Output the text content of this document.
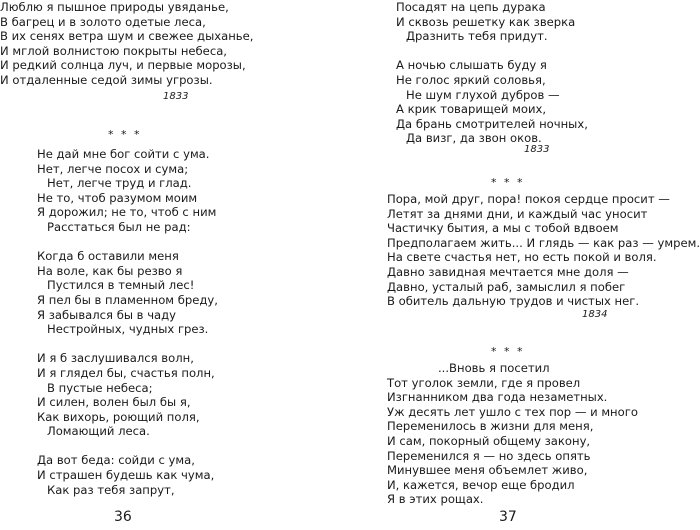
Люблю я пышное природы увяданье,
В багрец и в золото одетые леса,
В их сенях ветра шум и свежее дыханье,
И мглой волнистою покрыты небеса,
И редкий солнца луч, и первые морозы,
И отдаленные седой зимы угрозы.
1833
* * *
Не дай мне бог сойти с ума.
Нет, легче посох и сума;
Нет, легче труд и глад.
Не то, чтоб разумом моим
Я дорожил; не то, чтоб с ним
Расстаться был не рад:
Когда б оставили меня
На воле, как бы резво я
Пустился в темный лес!
Я пел бы в пламенном бреду,
Я забывался бы в чаду
Нестройных, чудных грез.
И я б заслушивался волн,
И я глядел бы, счастья полн,
В пустые небеса;
И силен, волен был бы я,
Как вихорь, роющий поля,
Ломающий леса.
Да вот беда: сойди с ума,
И страшен будешь как чума,
Как раз тебя запрут,
36
Посадят на цепь дурака
И сквозь решетку как зверка
Дразнить тебя придут.
А ночью слышать буду я
Не голос яркий соловья,
Не шум глухой дубров —
А крик товарищей моих,
Да брань смотрителей ночных,
Да визг, да звон оков.
1833
* * *
Пора, мой друг, пора! покоя сердце просит —
Летят за днями дни, и каждый час уносит
Частичку бытия, а мы с тобой вдвоем
Предполагаем жить... И глядь — как раз — умрем.
На свете счастья нет, но есть покой и воля.
Давно завидная мечтается мне доля —
Давно, усталый раб, замыслил я побег
В обитель дальную трудов и чистых нег.
1834
* * *
...Вновь я посетил
Тот уголок земли, где я провел
Изгнанником два года незаметных.
Уж десять лет ушло с тех пор — и много
Переменилось в жизни для меня,
И сам, покорный общему закону,
Переменился я — но здесь опять
Минувшее меня объемлет живо,
И, кажется, вечор еще бродил
Я в этих рощах.
37
